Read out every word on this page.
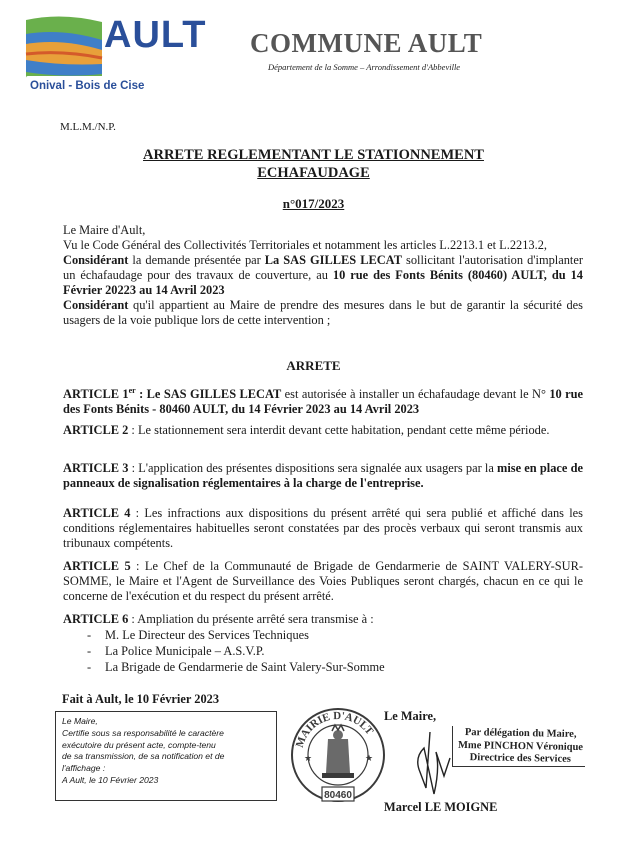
AULT
Onival - Bois de Cise
COMMUNE AULT
Département de la Somme – Arrondissement d'Abbeville
M.L.M./N.P.
ARRETE REGLEMENTANT LE STATIONNEMENT
ECHAFAUDAGE
n°017/2023
Le Maire d'Ault,
Vu le Code Général des Collectivités Territoriales et notamment les articles L.2213.1 et L.2213.2,
Considérant la demande présentée par La SAS GILLES LECAT sollicitant l'autorisation d'implanter un échafaudage pour des travaux de couverture, au 10 rue des Fonts Bénits (80460) AULT, du 14 Février 20223 au 14 Avril 2023
Considérant qu'il appartient au Maire de prendre des mesures dans le but de garantir la sécurité des usagers de la voie publique lors de cette intervention ;
ARRETE
ARTICLE 1er : Le SAS GILLES LECAT est autorisée à installer un échafaudage devant le N° 10 rue des Fonts Bénits - 80460 AULT, du 14 Février 2023 au 14 Avril 2023
ARTICLE 2 : Le stationnement sera interdit devant cette habitation, pendant cette même période.
ARTICLE 3 : L'application des présentes dispositions sera signalée aux usagers par la mise en place de panneaux de signalisation réglementaires à la charge de l'entreprise.
ARTICLE 4 : Les infractions aux dispositions du présent arrêté qui sera publié et affiché dans les conditions réglementaires habituelles seront constatées par des procès verbaux qui seront transmis aux tribunaux compétents.
ARTICLE 5 : Le Chef de la Communauté de Brigade de Gendarmerie de SAINT VALERY-SUR-SOMME, le Maire et l'Agent de Surveillance des Voies Publiques seront chargés, chacun en ce qui le concerne de l'exécution et du respect du présent arrêté.
ARTICLE 6 : Ampliation du présente arrêté sera transmise à :
- M. Le Directeur des Services Techniques
- La Police Municipale – A.S.V.P.
- La Brigade de Gendarmerie de Saint Valery-Sur-Somme
Fait à Ault, le 10 Février 2023
Le Maire,
Certifie sous sa responsabilité le caractère
exécutoire du présent acte, compte-tenu
de sa transmission, de sa notification et de
l'affichage :
A Ault, le 10 Février 2023
MAIRIE D'AULT
★	★
80460
Le Maire,
Par délégation du Maire,
Mme PINCHON Véronique
Directrice des Services
Marcel LE MOIGNE
